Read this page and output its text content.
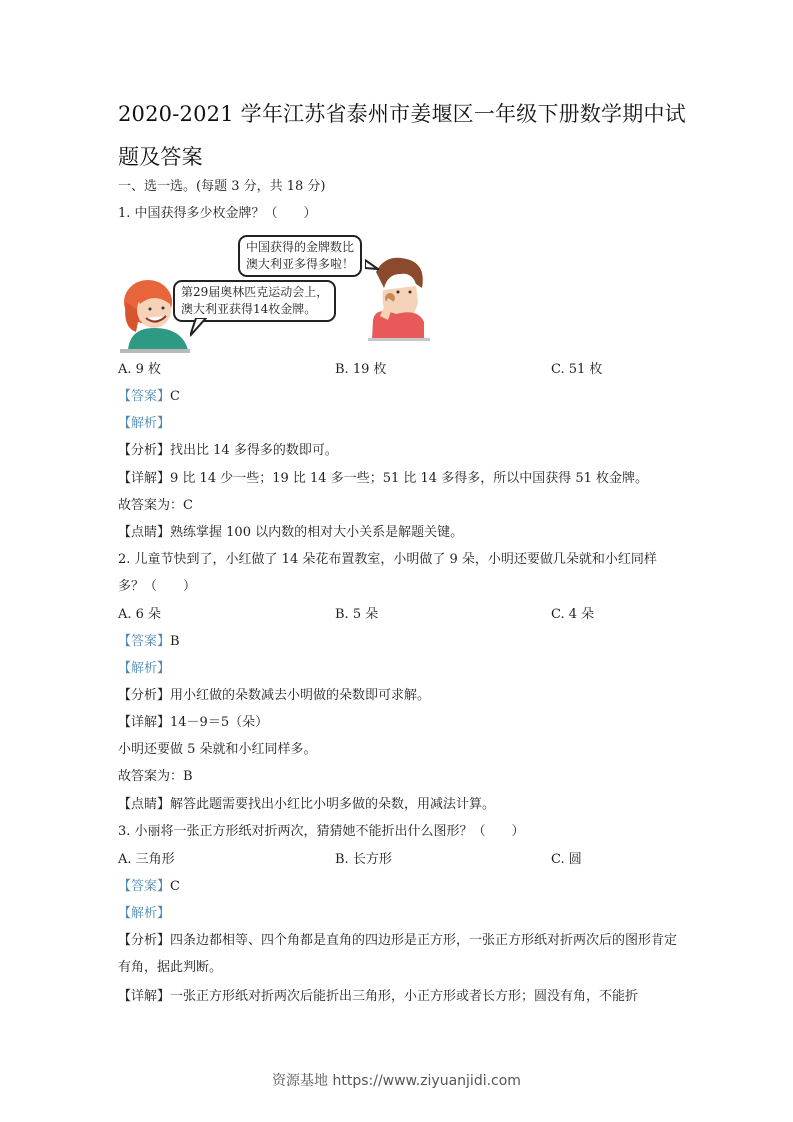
2020-2021 学年江苏省泰州市姜堰区一年级下册数学期中试题及答案
一、选一选。(每题 3 分，共 18 分)
1. 中国获得多少枚金牌？（　　）
中国获得的金牌数比
澳大利亚多得多啦！
第29届奥林匹克运动会上，
澳大利亚获得14枚金牌。
A. 9 枚	B. 19 枚	C. 51 枚
【答案】C
【解析】
【分析】找出比 14 多得多的数即可。
【详解】9 比 14 少一些；19 比 14 多一些；51 比 14 多得多，所以中国获得 51 枚金牌。
故答案为：C
【点睛】熟练掌握 100 以内数的相对大小关系是解题关键。
2. 儿童节快到了，小红做了 14 朵花布置教室，小明做了 9 朵，小明还要做几朵就和小红同样多？（　　）
A. 6 朵	B. 5 朵	C. 4 朵
【答案】B
【解析】
【分析】用小红做的朵数减去小明做的朵数即可求解。
【详解】14－9＝5（朵）
小明还要做 5 朵就和小红同样多。
故答案为：B
【点睛】解答此题需要找出小红比小明多做的朵数，用减法计算。
3. 小丽将一张正方形纸对折两次，猜猜她不能折出什么图形？（　　）
A. 三角形	B. 长方形	C. 圆
【答案】C
【解析】
【分析】四条边都相等、四个角都是直角的四边形是正方形，一张正方形纸对折两次后的图形肯定有角，据此判断。
【详解】一张正方形纸对折两次后能折出三角形，小正方形或者长方形；圆没有角，不能折
资源基地 https://www.ziyuanjidi.com
